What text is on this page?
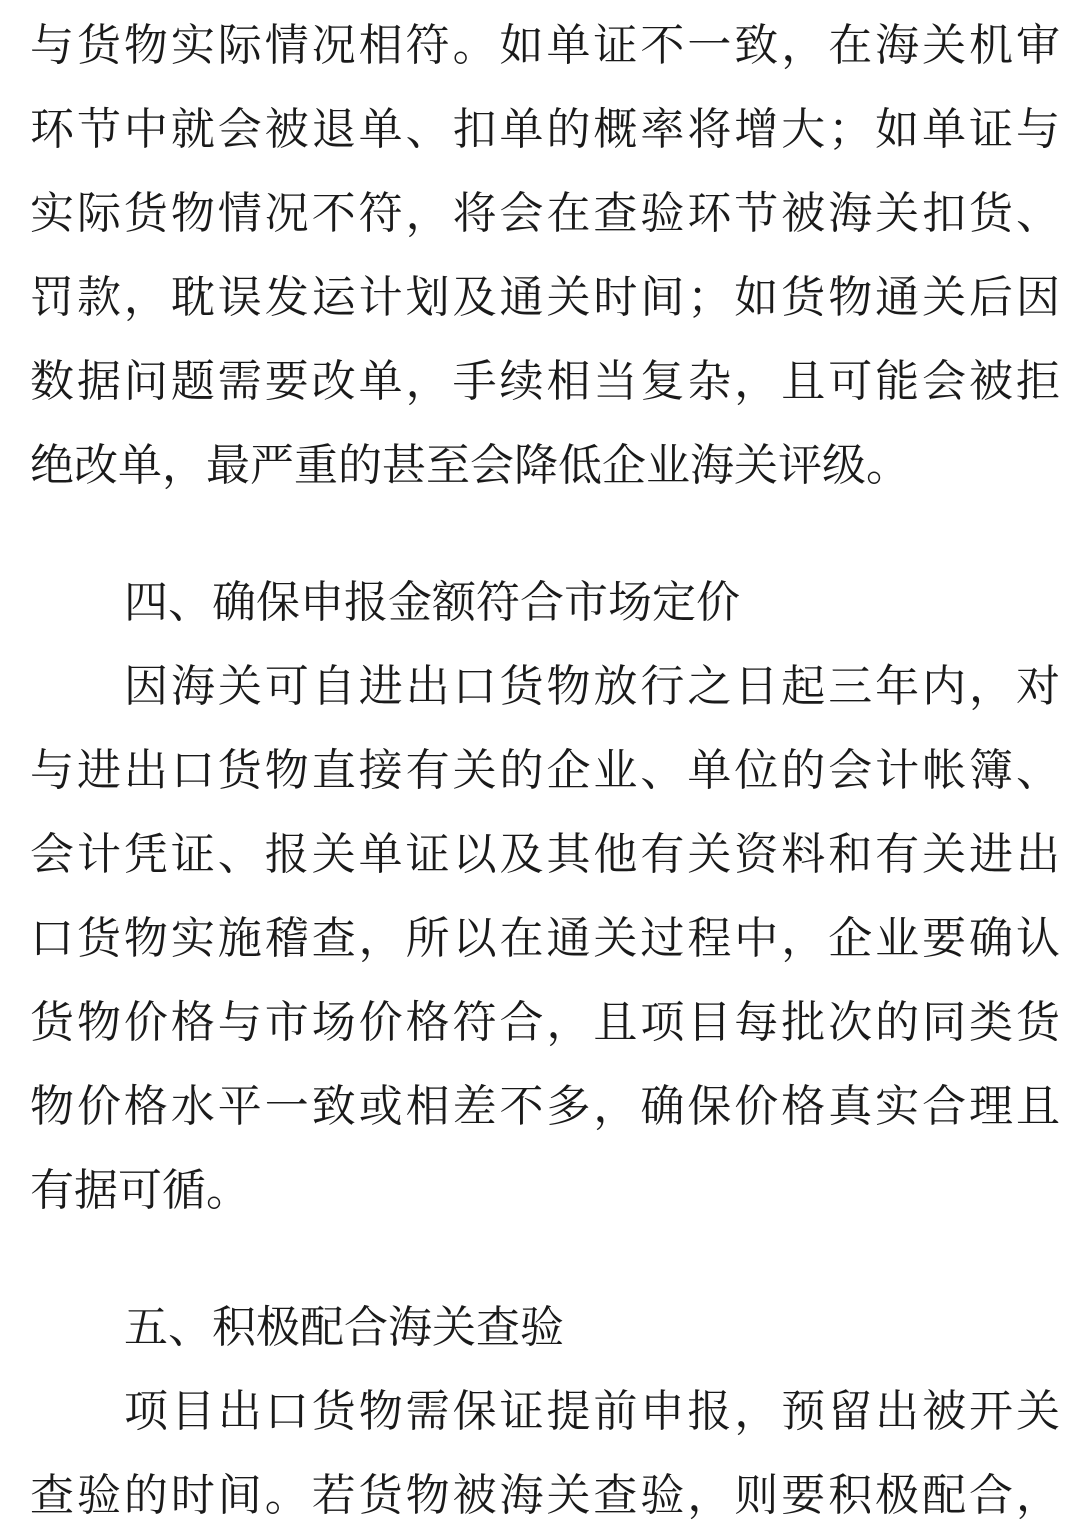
与货物实际情况相符。如单证不一致，在海关机审
环节中就会被退单、扣单的概率将增大；如单证与
实际货物情况不符，将会在查验环节被海关扣货、
罚款，耽误发运计划及通关时间；如货物通关后因
数据问题需要改单，手续相当复杂，且可能会被拒
绝改单，最严重的甚至会降低企业海关评级。
四、确保申报金额符合市场定价
因海关可自进出口货物放行之日起三年内，对
与进出口货物直接有关的企业、单位的会计帐簿、
会计凭证、报关单证以及其他有关资料和有关进出
口货物实施稽查，所以在通关过程中，企业要确认
货物价格与市场价格符合，且项目每批次的同类货
物价格水平一致或相差不多，确保价格真实合理且
有据可循。
五、积极配合海关查验
项目出口货物需保证提前申报，预留出被开关
查验的时间。若货物被海关查验，则要积极配合，
